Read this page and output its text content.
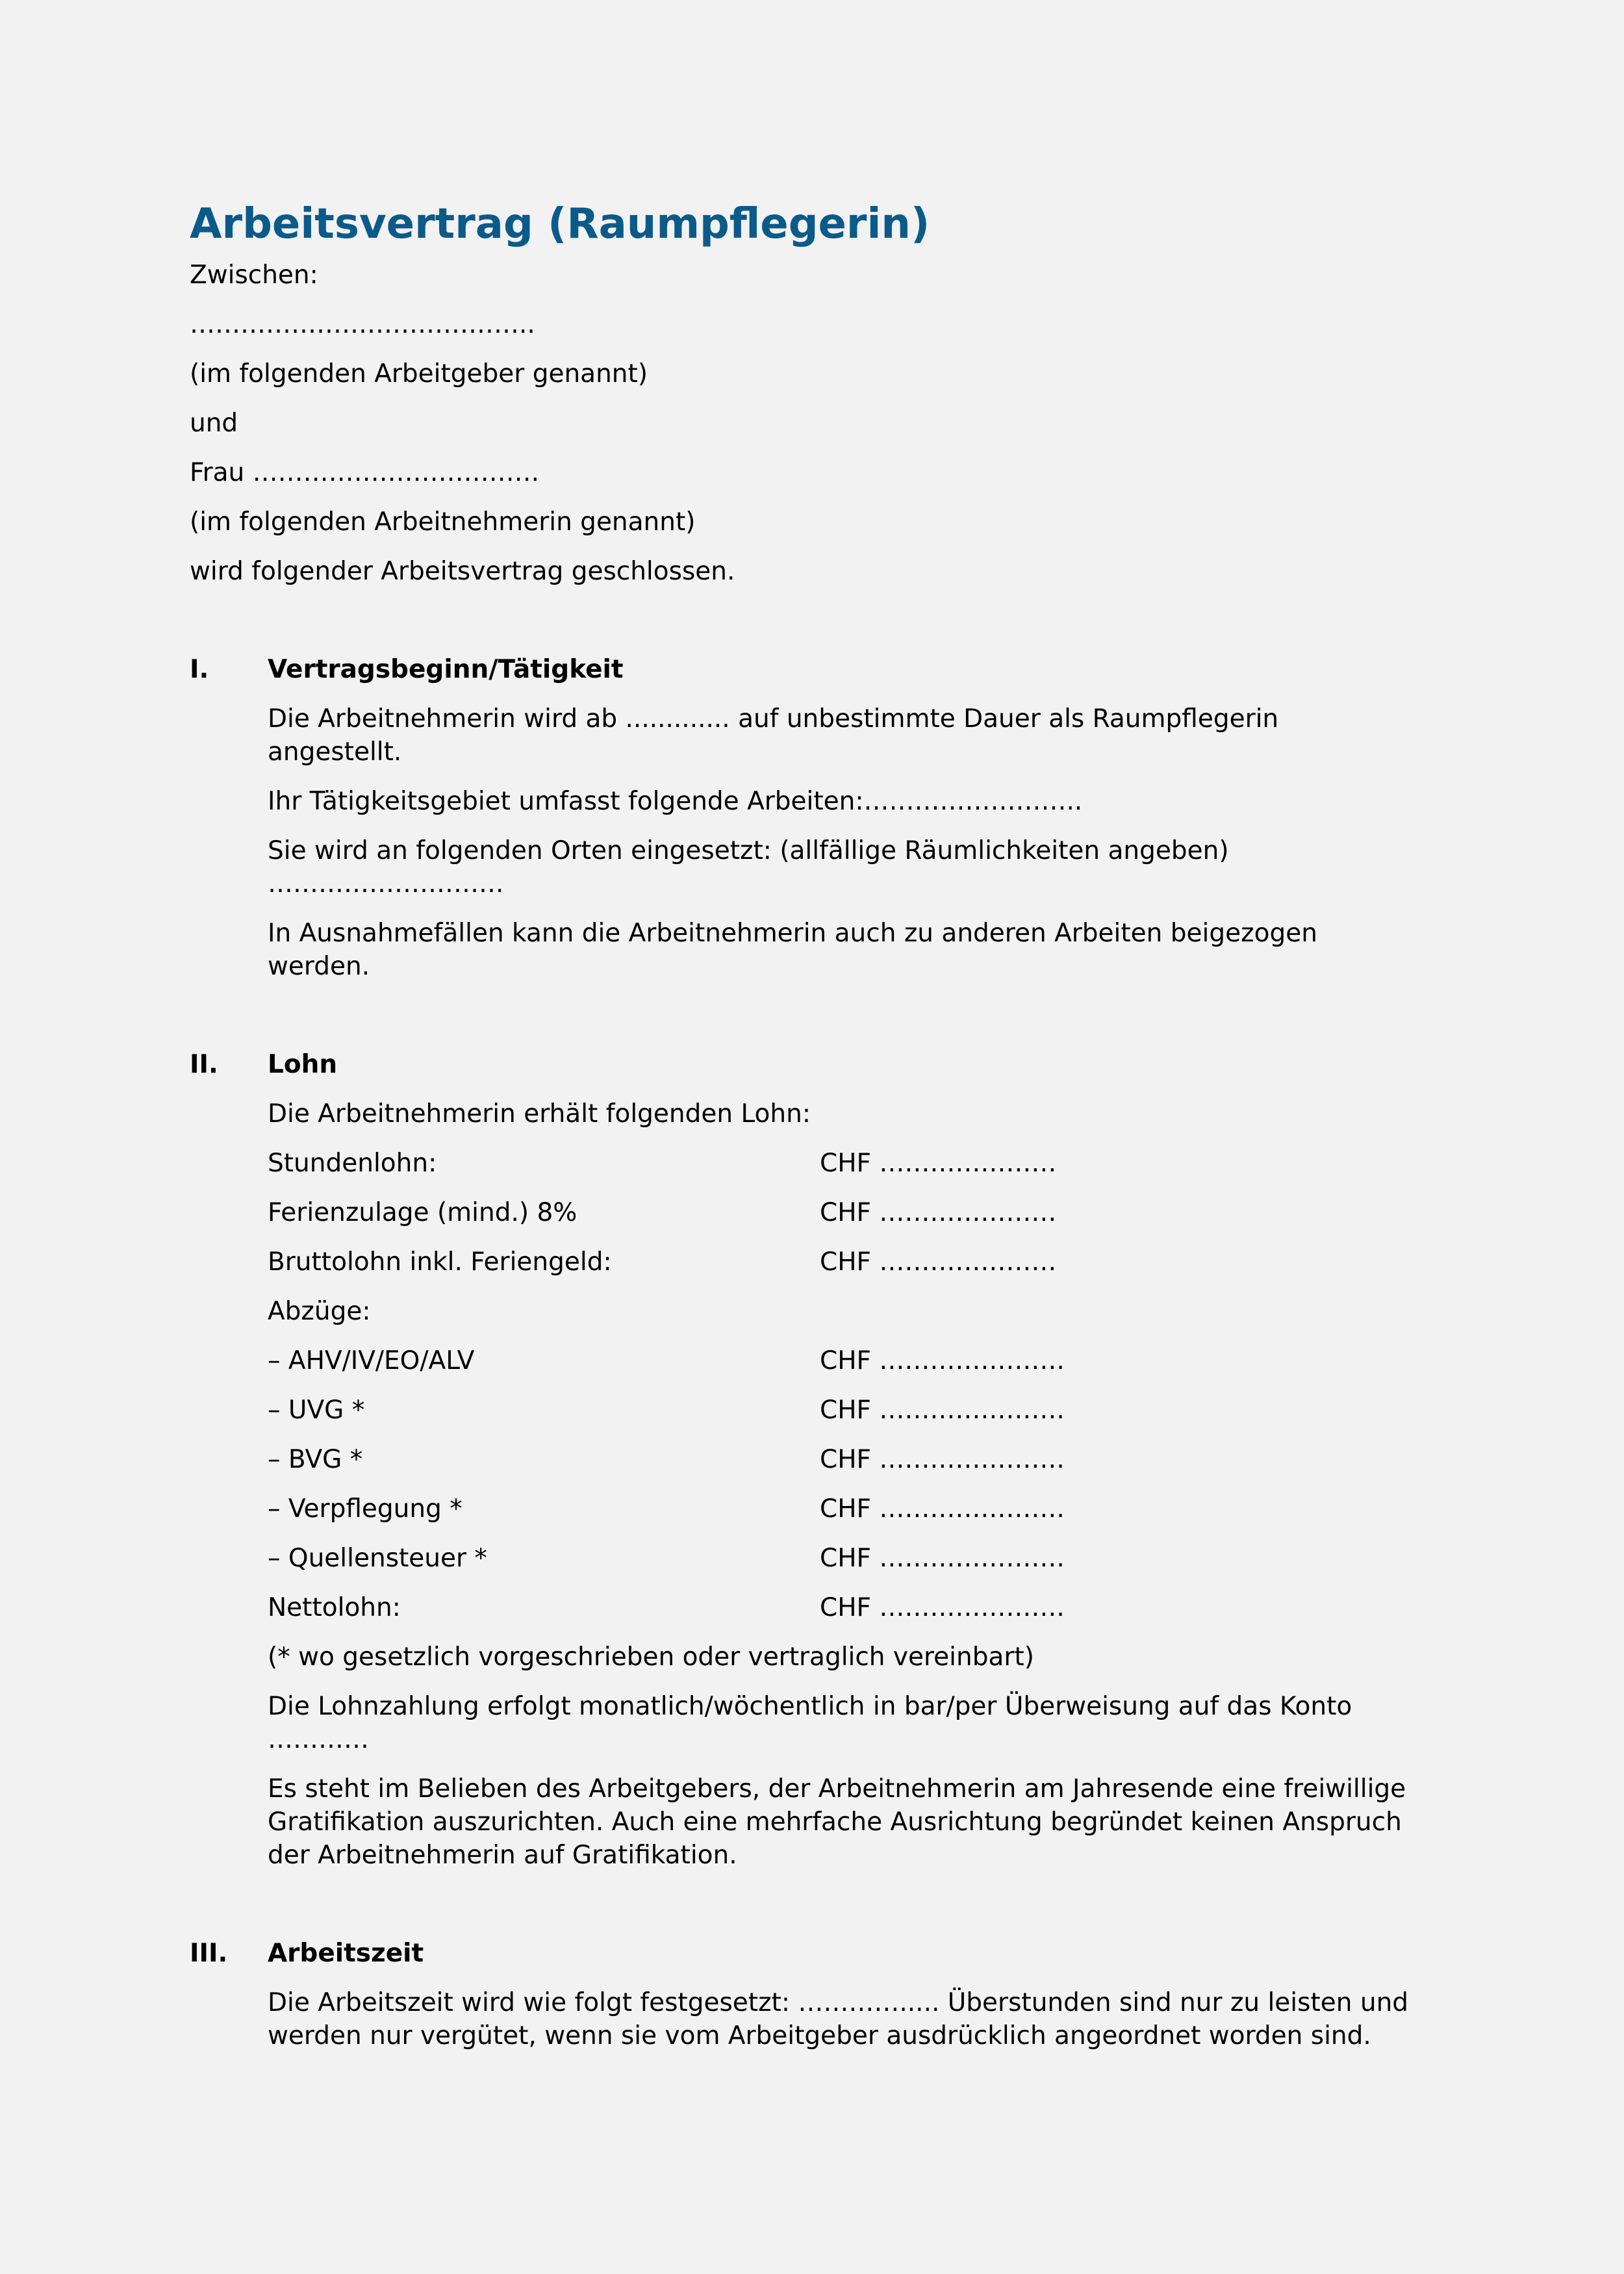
Arbeitsvertrag (Raumpflegerin)

Zwischen:

…………………………………..

(im folgenden Arbeitgeber genannt)

und

Frau …………………………….

(im folgenden Arbeitnehmerin genannt)

wird folgender Arbeitsvertrag geschlossen.

I.	Vertragsbeginn/Tätigkeit

Die Arbeitnehmerin wird ab ............. auf unbestimmte Dauer als Raumpflegerin angestellt.

Ihr Tätigkeitsgebiet umfasst folgende Arbeiten:……………………..

Sie wird an folgenden Orten eingesetzt: (allfällige Räumlichkeiten angeben) ……………………….

In Ausnahmefällen kann die Arbeitnehmerin auch zu anderen Arbeiten beigezogen werden.

II.	Lohn

Die Arbeitnehmerin erhält folgenden Lohn:

Stundenlohn:	CHF …………………
Ferienzulage (mind.) 8%	CHF …………………
Bruttolohn inkl. Feriengeld:	CHF …………………
Abzüge:
– AHV/IV/EO/ALV	CHF ………………….
– UVG *	CHF ………………….
– BVG *	CHF ………………….
– Verpflegung *	CHF ………………….
– Quellensteuer *	CHF ………………….
Nettolohn:	CHF ………………….

(* wo gesetzlich vorgeschrieben oder vertraglich vereinbart)

Die Lohnzahlung erfolgt monatlich/wöchentlich in bar/per Überweisung auf das Konto …………

Es steht im Belieben des Arbeitgebers, der Arbeitnehmerin am Jahresende eine freiwillige Gratifikation auszurichten. Auch eine mehrfache Ausrichtung begründet keinen Anspruch der Arbeitnehmerin auf Gratifikation.

III.	Arbeitszeit

Die Arbeitszeit wird wie folgt festgesetzt: …………..... Überstunden sind nur zu leisten und werden nur vergütet, wenn sie vom Arbeitgeber ausdrücklich angeordnet worden sind.
